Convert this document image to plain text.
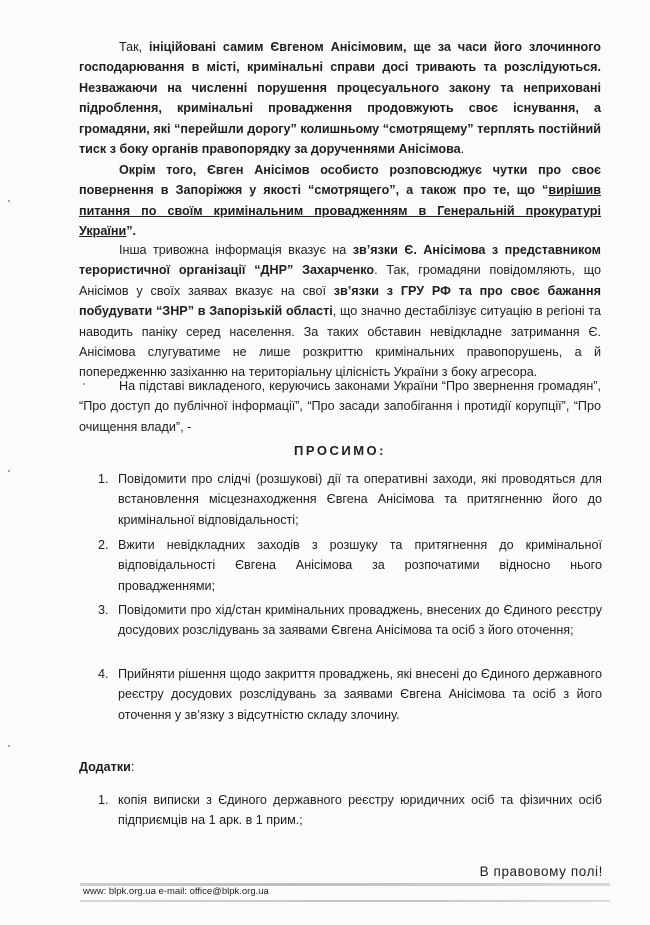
Так, ініційовані самим Євгеном Анісімовим, ще за часи його злочинного господарювання в місті, кримінальні справи досі тривають та розслідуються. Незважаючи на численні порушення процесуального закону та неприховані підроблення, кримінальні провадження продовжують своє існування, а громадяни, які “перейшли дорогу” колишньому “смотрящему” терплять постійний тиск з боку органів правопорядку за дорученнями Анісімова.
Окрім того, Євген Анісімов особисто розповсюджує чутки про своє повернення в Запоріжжя у якості “смотрящего”, а також про те, що “вирішив питання по своїм кримінальним провадженням в Генеральній прокуратурі України”.
Інша тривожна інформація вказує на зв’язки Є. Анісімова з представником терористичної організації “ДНР” Захарченко. Так, громадяни повідомляють, що Анісімов у своїх заявах вказує на свої зв’язки з ГРУ РФ та про своє бажання побудувати “ЗНР” в Запорізькій області, що значно дестабілізує ситуацію в регіоні та наводить паніку серед населення. За таких обставин невідкладне затримання Є. Анісімова слугуватиме не лише розкриттю кримінальних правопорушень, а й попередженню зазіханню на територіальну цілісність України з боку агресора.
На підставі викладеного, керуючись законами України “Про звернення громадян”, “Про доступ до публічної інформації”, “Про засади запобігання і протидії корупції”, “Про очищення влади”, -
ПРОСИМО:
1. Повідомити про слідчі (розшукові) дії та оперативні заходи, які проводяться для встановлення місцезнаходження Євгена Анісімова та притягненню його до кримінальної відповідальності;
2. Вжити невідкладних заходів з розшуку та притягнення до кримінальної відповідальності Євгена Анісімова за розпочатими відносно нього провадженнями;
3. Повідомити про хід/стан кримінальних проваджень, внесених до Єдиного реєстру досудових розслідувань за заявами Євгена Анісімова та осіб з його оточення;
4. Прийняти рішення щодо закриття проваджень, які внесені до Єдиного державного реєстру досудових розслідувань за заявами Євгена Анісімова та осіб з його оточення у зв’язку з відсутністю складу злочину.
Додатки:
1. копія виписки з Єдиного державного реєстру юридичних осіб та фізичних осіб підприємців на 1 арк. в 1 прим.;
В правовому полі!
www: blpk.org.ua e-mail: office@blpk.org.ua
